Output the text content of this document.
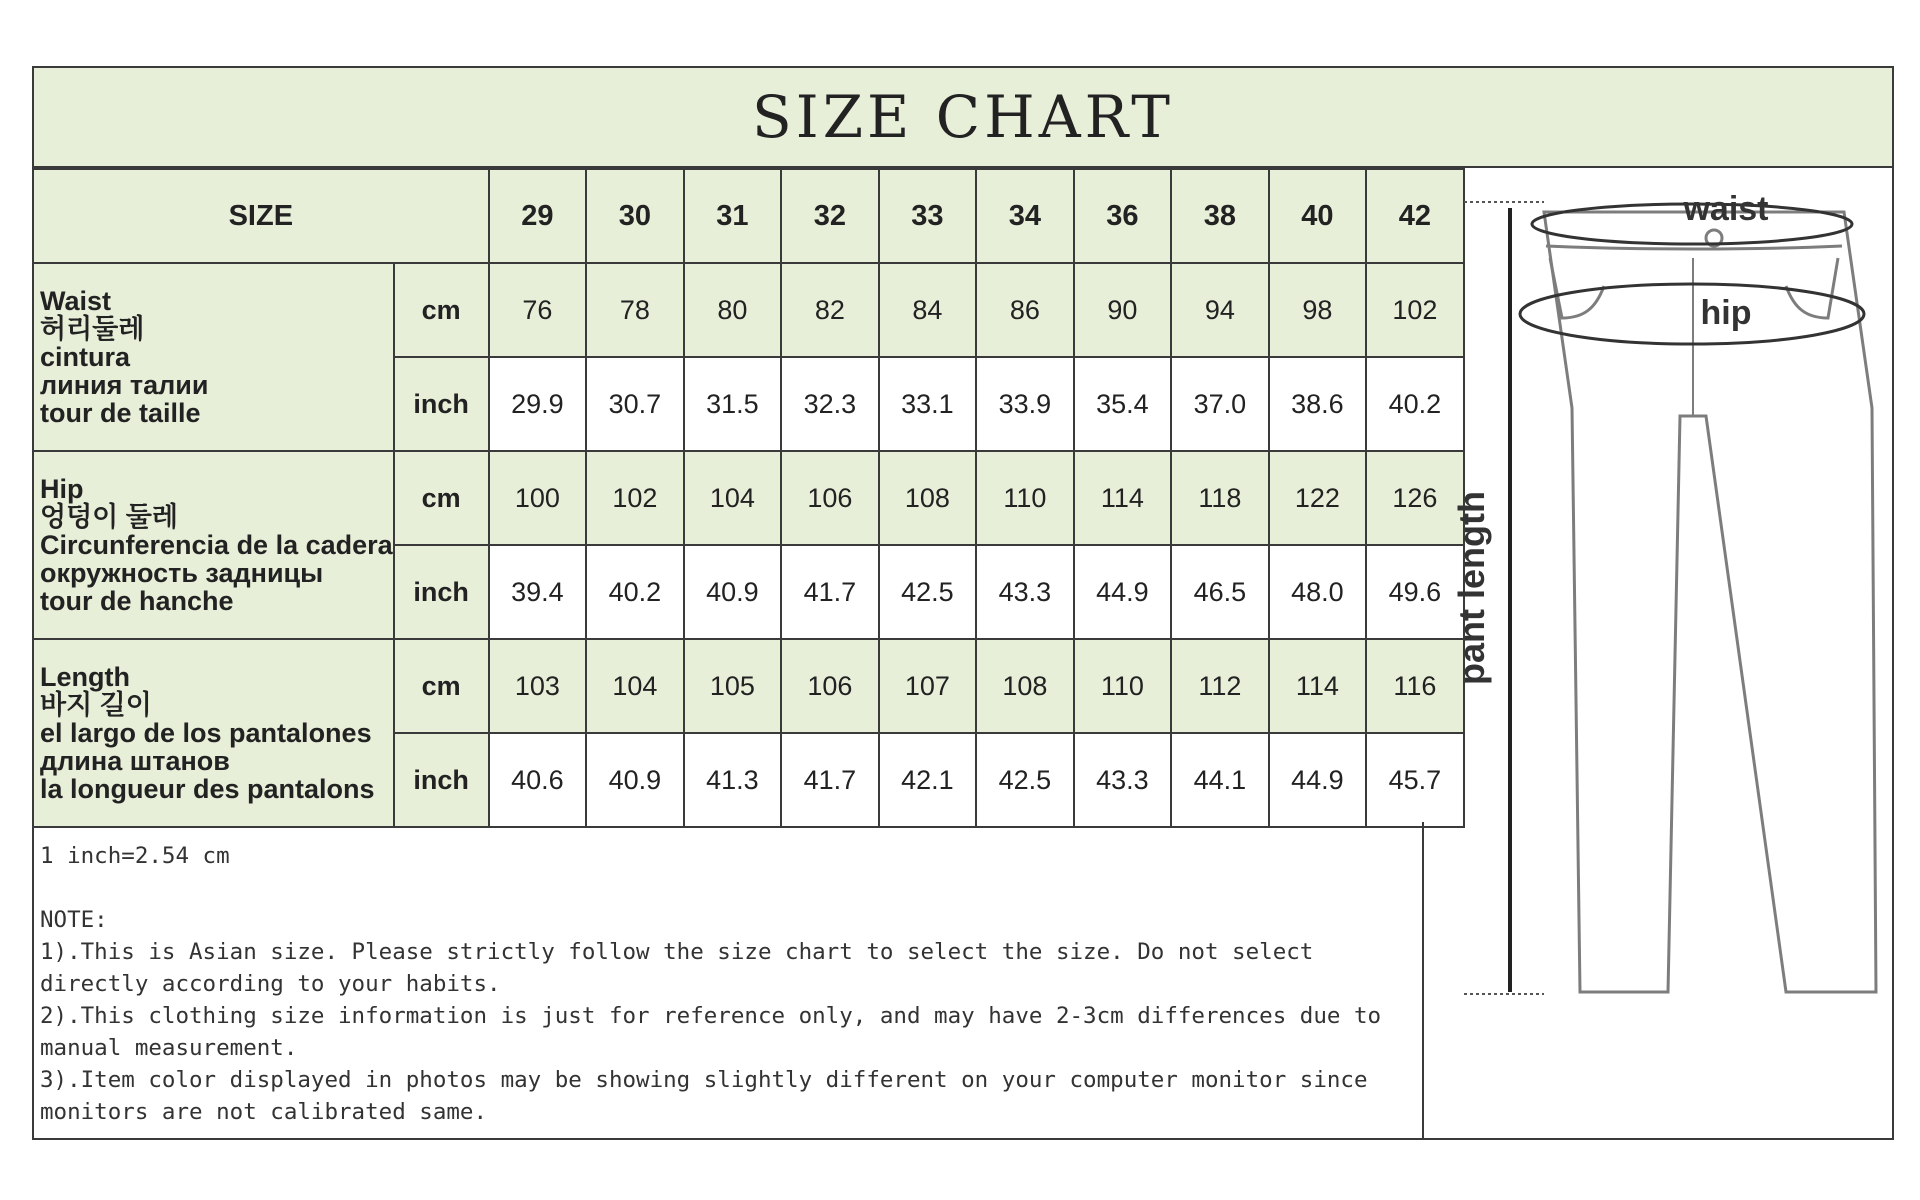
SIZE CHART
SIZE		29	30	31	32	33	34	36	38	40	42

Waist
허리둘레
cintura
линия талии
tour de taille	cm	76	78	80	82	84	86	90	94	98	102
	inch	29.9	30.7	31.5	32.3	33.1	33.9	35.4	37.0	38.6	40.2

Hip
엉덩이 둘레
Circunferencia de la cadera
окружность задницы
tour de hanche	cm	100	102	104	106	108	110	114	118	122	126
	inch	39.4	40.2	40.9	41.7	42.5	43.3	44.9	46.5	48.0	49.6

Length
바지 길이
el largo de los pantalones
длина штанов
la longueur des pantalons	cm	103	104	105	106	107	108	110	112	114	116
	inch	40.6	40.9	41.3	41.7	42.1	42.5	43.3	44.1	44.9	45.7
1 inch=2.54 cm
NOTE:
1).This is Asian size. Please strictly follow the size chart to select the size. Do not select
directly according to your habits.
2).This clothing size information is just for reference only, and may have 2-3cm differences due to
manual measurement.
3).Item color displayed in photos may be showing slightly different on your computer monitor since
monitors are not calibrated same.
waist
hip
pant length
